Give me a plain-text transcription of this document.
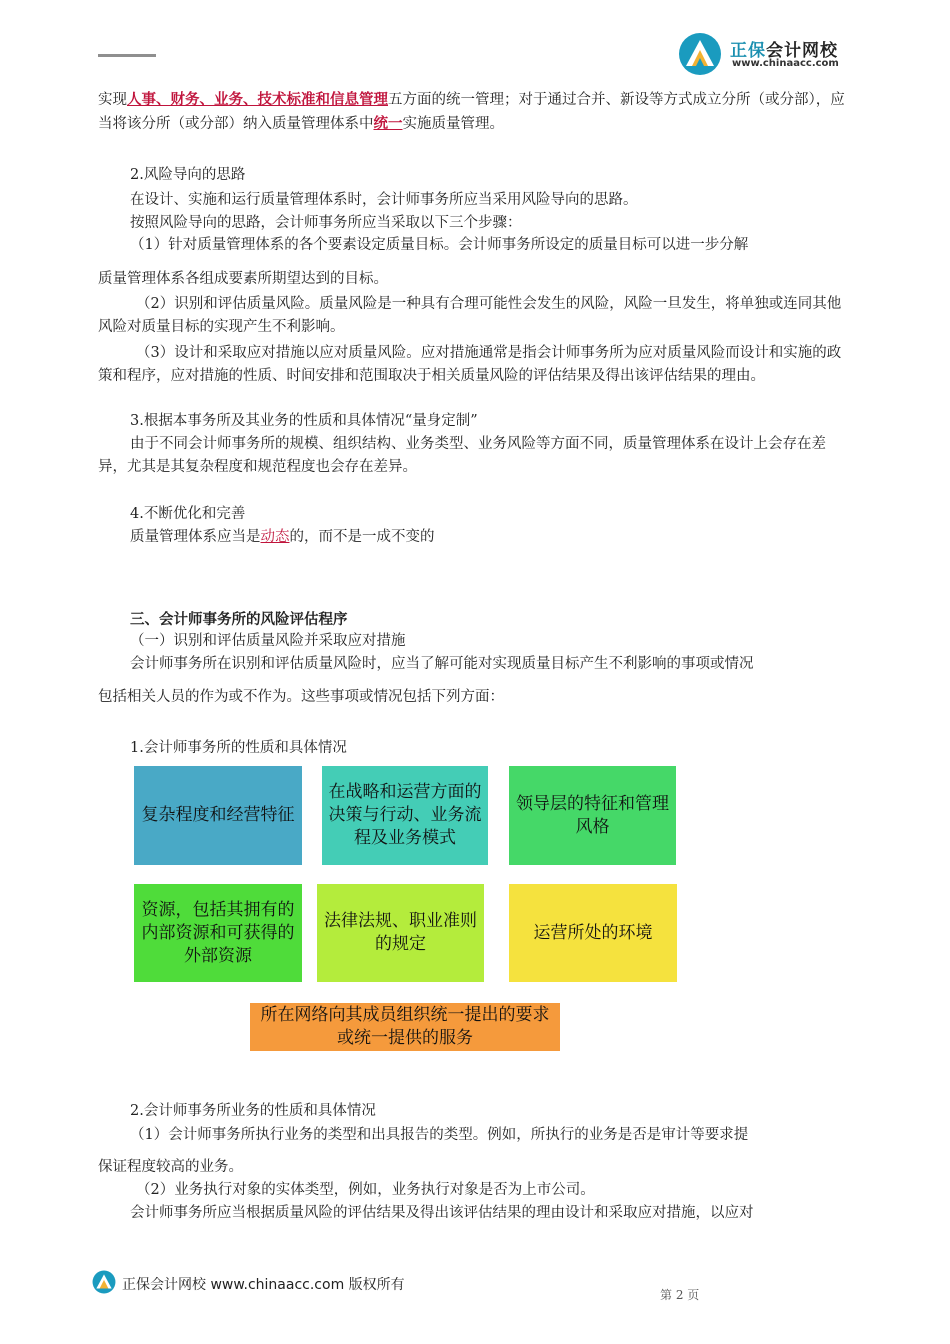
正保会计网校
www.chinaacc.com

实现人事、财务、业务、技术标准和信息管理五方面的统一管理；对于通过合并、新设等方式成立分所（或分部），应当将该分所（或分部）纳入质量管理体系中统一实施质量管理。

2.风险导向的思路
在设计、实施和运行质量管理体系时，会计师事务所应当采用风险导向的思路。
按照风险导向的思路，会计师事务所应当采取以下三个步骤：
（1）针对质量管理体系的各个要素设定质量目标。会计师事务所设定的质量目标可以进一步分解
质量管理体系各组成要素所期望达到的目标。

（2）识别和评估质量风险。质量风险是一种具有合理可能性会发生的风险，风险一旦发生，将单独或连同其他风险对质量目标的实现产生不利影响。

（3）设计和采取应对措施以应对质量风险。应对措施通常是指会计师事务所为应对质量风险而设计和实施的政策和程序，应对措施的性质、时间安排和范围取决于相关质量风险的评估结果及得出该评估结果的理由。

3.根据本事务所及其业务的性质和具体情况“量身定制”

由于不同会计师事务所的规模、组织结构、业务类型、业务风险等方面不同，质量管理体系在设计上会存在差异，尤其是其复杂程度和规范程度也会存在差异。

4.不断优化和完善
质量管理体系应当是动态的，而不是一成不变的
三、会计师事务所的风险评估程序
（一）识别和评估质量风险并采取应对措施
会计师事务所在识别和评估质量风险时，应当了解可能对实现质量目标产生不利影响的事项或情况
包括相关人员的作为或不作为。这些事项或情况包括下列方面：
1.会计师事务所的性质和具体情况
复杂程度和经营特征
在战略和运营方面的决策与行动、业务流程及业务模式
领导层的特征和管理风格
资源，包括其拥有的内部资源和可获得的外部资源
法律法规、职业准则的规定
运营所处的环境
所在网络向其成员组织统一提出的要求或统一提供的服务
2.会计师事务所业务的性质和具体情况
（1）会计师事务所执行业务的类型和出具报告的类型。例如，所执行的业务是否是审计等要求提
保证程度较高的业务。
（2）业务执行对象的实体类型，例如，业务执行对象是否为上市公司。
会计师事务所应当根据质量风险的评估结果及得出该评估结果的理由设计和采取应对措施，以应对
正保会计网校 www.chinaacc.com 版权所有
第 2 页
